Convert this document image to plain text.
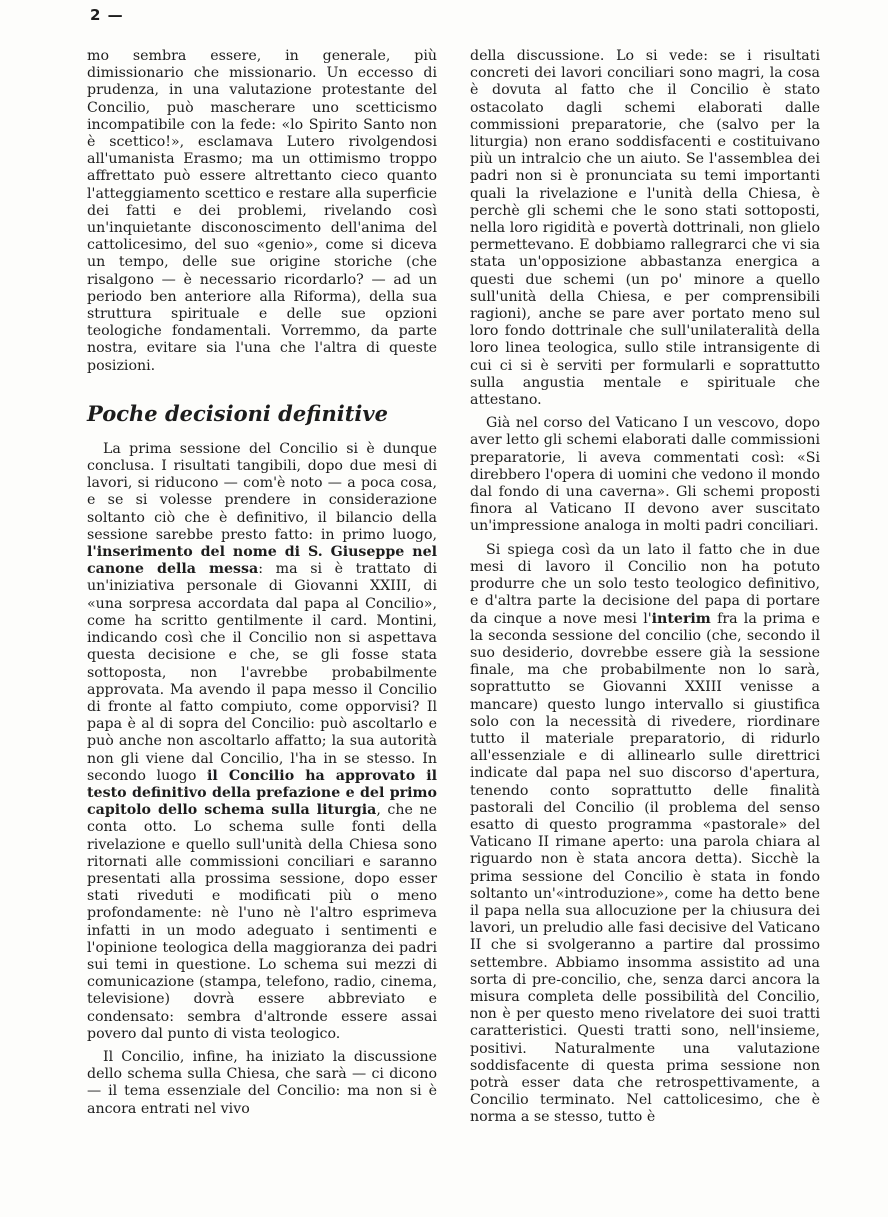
2 —

mo sembra essere, in generale, più dimissionario che missionario. Un eccesso di prudenza, in una valutazione protestante del Concilio, può mascherare uno scetticismo incompatibile con la fede: «lo Spirito Santo non è scettico!», esclamava Lutero rivolgendosi all'umanista Erasmo; ma un ottimismo troppo affrettato può essere altrettanto cieco quanto l'atteggiamento scettico e restare alla superficie dei fatti e dei problemi, rivelando così un'inquietante disconoscimento dell'anima del cattolicesimo, del suo «genio», come si diceva un tempo, delle sue origine storiche (che risalgono — è necessario ricordarlo? — ad un periodo ben anteriore alla Riforma), della sua struttura spirituale e delle sue opzioni teologiche fondamentali. Vorremmo, da parte nostra, evitare sia l'una che l'altra di queste posizioni.

Poche decisioni definitive

La prima sessione del Concilio si è dunque conclusa. I risultati tangibili, dopo due mesi di lavori, si riducono — com'è noto — a poca cosa, e se si volesse prendere in considerazione soltanto ciò che è definitivo, il bilancio della sessione sarebbe presto fatto: in primo luogo, l'inserimento del nome di S. Giuseppe nel canone della messa: ma si è trattato di un'iniziativa personale di Giovanni XXIII, di «una sorpresa accordata dal papa al Concilio», come ha scritto gentilmente il card. Montini, indicando così che il Concilio non si aspettava questa decisione e che, se gli fosse stata sottoposta, non l'avrebbe probabilmente approvata. Ma avendo il papa messo il Concilio di fronte al fatto compiuto, come opporvisi? Il papa è al di sopra del Concilio: può ascoltarlo e può anche non ascoltarlo affatto; la sua autorità non gli viene dal Concilio, l'ha in se stesso. In secondo luogo il Concilio ha approvato il testo definitivo della prefazione e del primo capitolo dello schema sulla liturgia, che ne conta otto. Lo schema sulle fonti della rivelazione e quello sull'unità della Chiesa sono ritornati alle commissioni conciliari e saranno presentati alla prossima sessione, dopo esser stati riveduti e modificati più o meno profondamente: nè l'uno nè l'altro esprimeva infatti in un modo adeguato i sentimenti e l'opinione teologica della maggioranza dei padri sui temi in questione. Lo schema sui mezzi di comunicazione (stampa, telefono, radio, cinema, televisione) dovrà essere abbreviato e condensato: sembra d'altronde essere assai povero dal punto di vista teologico.

Il Concilio, infine, ha iniziato la discussione dello schema sulla Chiesa, che sarà — ci dicono — il tema essenziale del Concilio: ma non si è ancora entrati nel vivo

della discussione. Lo si vede: se i risultati concreti dei lavori conciliari sono magri, la cosa è dovuta al fatto che il Concilio è stato ostacolato dagli schemi elaborati dalle commissioni preparatorie, che (salvo per la liturgia) non erano soddisfacenti e costituivano più un intralcio che un aiuto. Se l'assemblea dei padri non si è pronunciata su temi importanti quali la rivelazione e l'unità della Chiesa, è perchè gli schemi che le sono stati sottoposti, nella loro rigidità e povertà dottrinali, non glielo permettevano. E dobbiamo rallegrarci che vi sia stata un'opposizione abbastanza energica a questi due schemi (un po' minore a quello sull'unità della Chiesa, e per comprensibili ragioni), anche se pare aver portato meno sul loro fondo dottrinale che sull'unilateralità della loro linea teologica, sullo stile intransigente di cui ci si è serviti per formularli e soprattutto sulla angustia mentale e spirituale che attestano.

Già nel corso del Vaticano I un vescovo, dopo aver letto gli schemi elaborati dalle commissioni preparatorie, li aveva commentati così: «Si direbbero l'opera di uomini che vedono il mondo dal fondo di una caverna». Gli schemi proposti finora al Vaticano II devono aver suscitato un'impressione analoga in molti padri conciliari.

Si spiega così da un lato il fatto che in due mesi di lavoro il Concilio non ha potuto produrre che un solo testo teologico definitivo, e d'altra parte la decisione del papa di portare da cinque a nove mesi l'interim fra la prima e la seconda sessione del concilio (che, secondo il suo desiderio, dovrebbe essere già la sessione finale, ma che probabilmente non lo sarà, soprattutto se Giovanni XXIII venisse a mancare) questo lungo intervallo si giustifica solo con la necessità di rivedere, riordinare tutto il materiale preparatorio, di ridurlo all'essenziale e di allinearlo sulle direttrici indicate dal papa nel suo discorso d'apertura, tenendo conto soprattutto delle finalità pastorali del Concilio (il problema del senso esatto di questo programma «pastorale» del Vaticano II rimane aperto: una parola chiara al riguardo non è stata ancora detta). Sicchè la prima sessione del Concilio è stata in fondo soltanto un'«introduzione», come ha detto bene il papa nella sua allocuzione per la chiusura dei lavori, un preludio alle fasi decisive del Vaticano II che si svolgeranno a partire dal prossimo settembre. Abbiamo insomma assistito ad una sorta di pre-concilio, che, senza darci ancora la misura completa delle possibilità del Concilio, non è per questo meno rivelatore dei suoi tratti caratteristici. Questi tratti sono, nell'insieme, positivi. Naturalmente una valutazione soddisfacente di questa prima sessione non potrà esser data che retrospettivamente, a Concilio terminato. Nel cattolicesimo, che è norma a se stesso, tutto è
